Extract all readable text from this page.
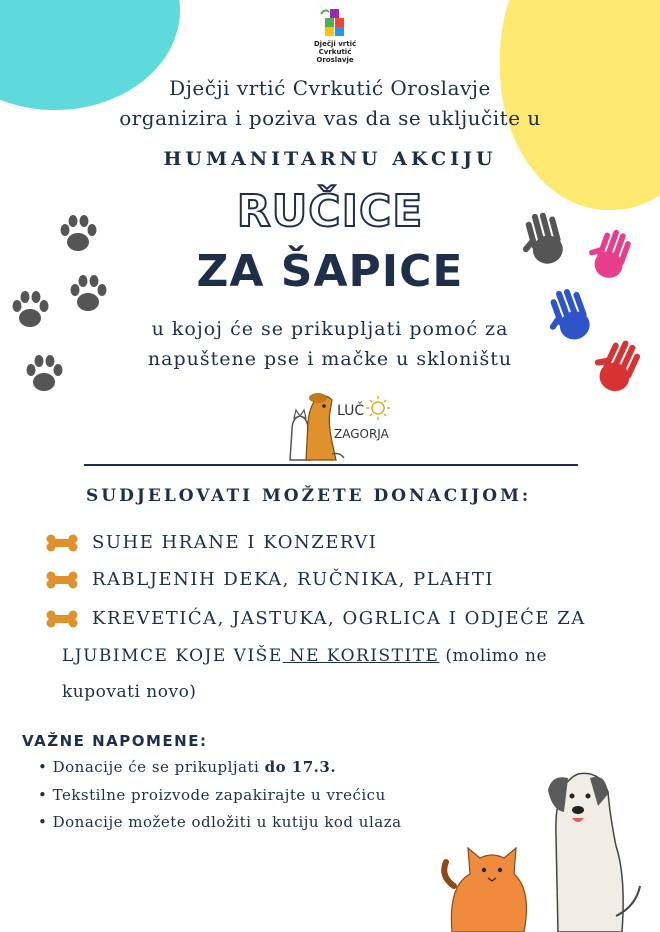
Dječji vrtić
Cvrkutić
Oroslavje
Dječji vrtić Cvrkutić Oroslavje
organizira i poziva vas da se uključite u
HUMANITARNU AKCIJU
RUČICE
ZA ŠAPICE
u kojoj će se prikupljati pomoć za
napuštene pse i mačke u skloništu
LUČ
ZAGORJA
SUDJELOVATI MOŽETE DONACIJOM:
SUHE HRANE I KONZERVI
RABLJENIH DEKA, RUČNIKA, PLAHTI
KREVETIĆA, JASTUKA, OGRLICA I ODJEĆE ZA
LJUBIMCE KOJE VIŠE NE KORISTITE (molimo ne
kupovati novo)
VAŽNE NAPOMENE:
• Donacije će se prikupljati do 17.3.
• Tekstilne proizvode zapakirajte u vrećicu
• Donacije možete odložiti u kutiju kod ulaza
